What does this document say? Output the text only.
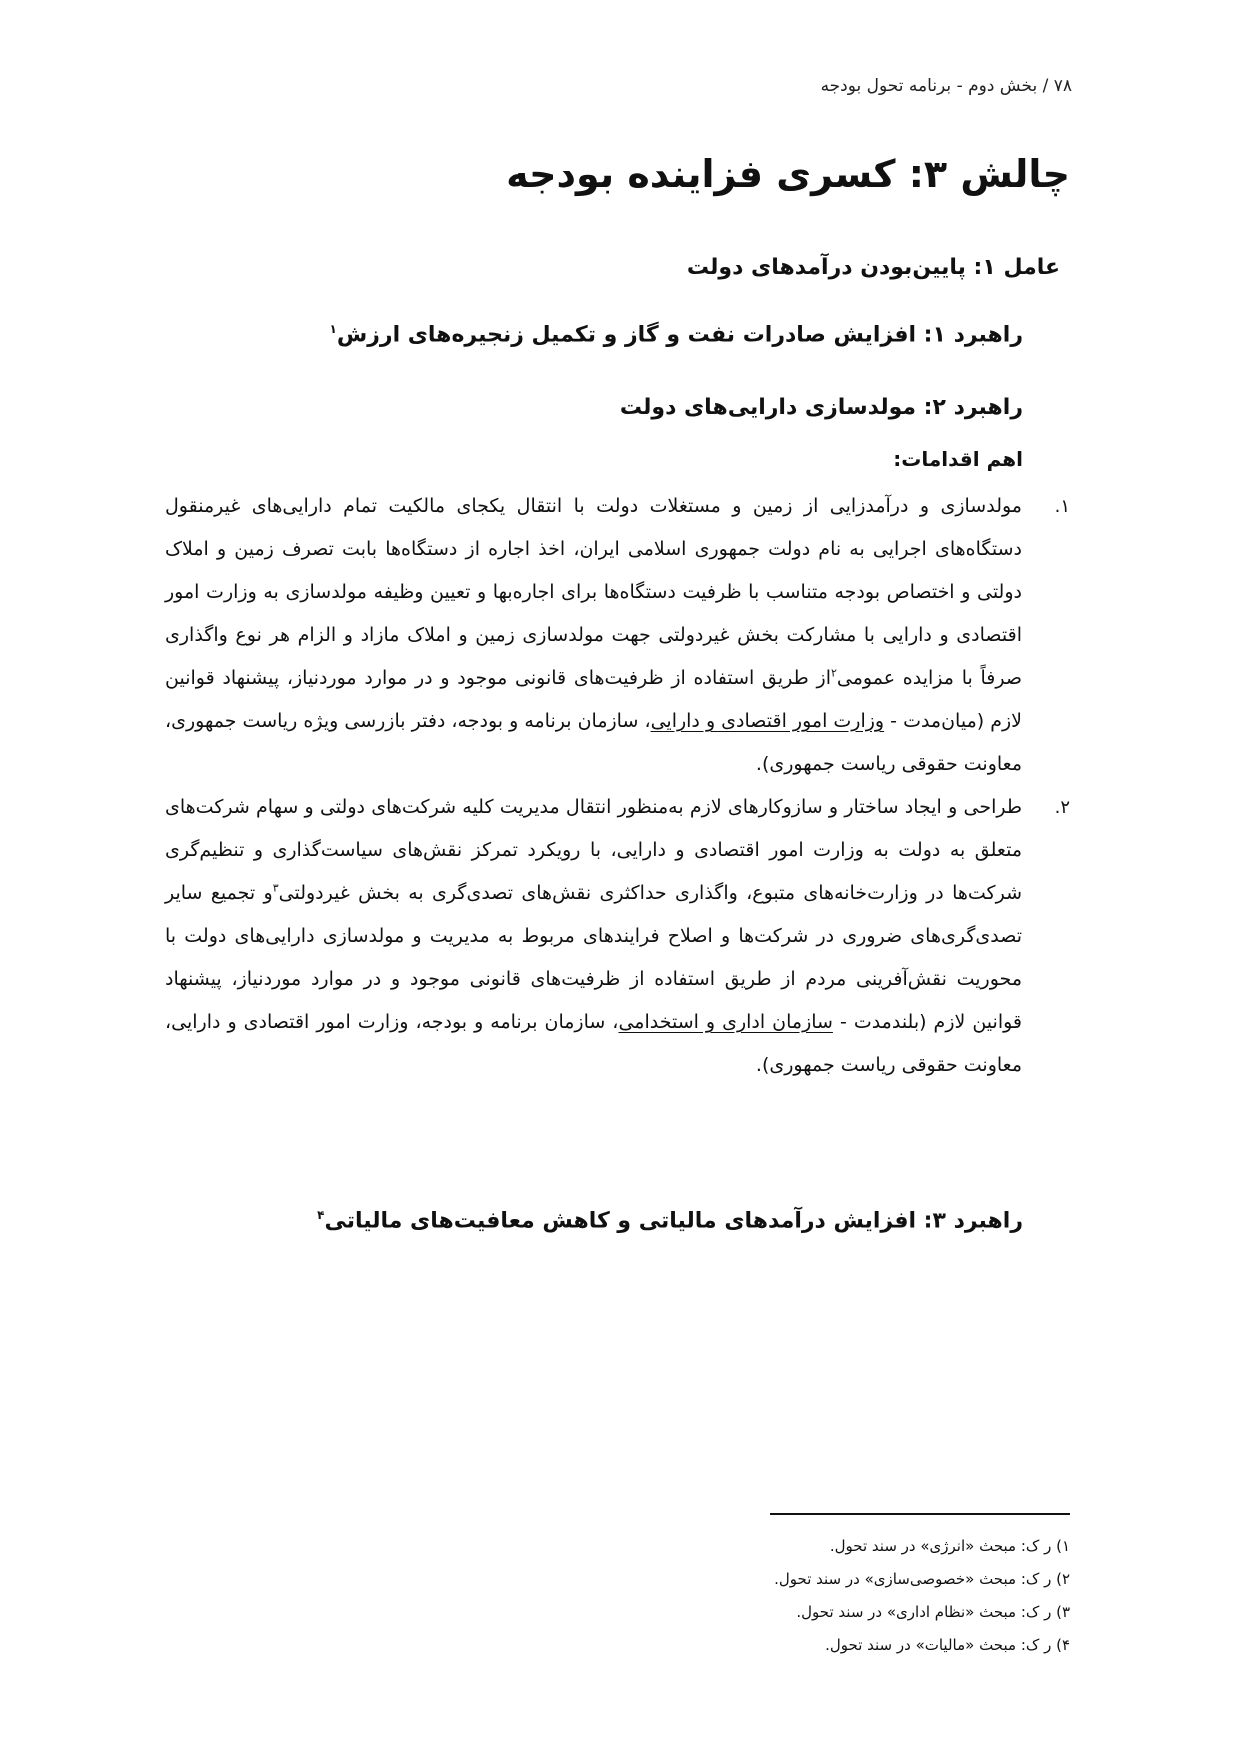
۷۸ / بخش دوم - برنامه تحول بودجه
چالش ۳: کسری فزاینده بودجه
عامل ۱: پایین‌بودن درآمدهای دولت
راهبرد ۱: افزایش صادرات نفت و گاز و تکمیل زنجیره‌های ارزش$^۱$
راهبرد ۲: مولدسازی دارایی‌های دولت
اهم اقدامات:
۱.
مولدسازی و درآمدزایی از زمین و مستغلات دولت با انتقال یکجای مالکیت تمام دارایی‌های غیرمنقول دستگاه‌های اجرایی به نام دولت جمهوری اسلامی ایران، اخذ اجاره از دستگاه‌ها بابت تصرف زمین و املاک دولتی و اختصاص بودجه متناسب با ظرفیت دستگاه‌ها برای اجاره‌بها و تعیین وظیفه مولدسازی به وزارت امور اقتصادی و دارایی با مشارکت بخش غیردولتی جهت مولدسازی زمین و املاک مازاد و الزام هر نوع واگذاری صرفاً با مزایده عمومی$^۲$از طریق استفاده از ظرفیت‌های قانونی موجود و در موارد موردنیاز، پیشنهاد قوانین لازم (میان‌مدت - وزارت امور اقتصادی و دارایی، سازمان برنامه و بودجه، دفتر بازرسی ویژه ریاست جمهوری، معاونت حقوقی ریاست جمهوری).
۲.
طراحی و ایجاد ساختار و سازوکارهای لازم به‌منظور انتقال مدیریت کلیه شرکت‌های دولتی و سهام شرکت‌های متعلق به دولت به وزارت امور اقتصادی و دارایی، با رویکرد تمرکز نقش‌های سیاست‌گذاری و تنظیم‌گری شرکت‌ها در وزارت‌خانه‌های متبوع، واگذاری حداکثری نقش‌های تصدی‌گری به بخش غیردولتی$^۳$و تجمیع سایر تصدی‌گری‌های ضروری در شرکت‌ها و اصلاح فرایندهای مربوط به مدیریت و مولدسازی دارایی‌های دولت با محوریت نقش‌آفرینی مردم از طریق استفاده از ظرفیت‌های قانونی موجود و در موارد موردنیاز، پیشنهاد قوانین لازم (بلندمدت - سازمان اداری و استخدامی، سازمان برنامه و بودجه، وزارت امور اقتصادی و دارایی، معاونت حقوقی ریاست جمهوری).
راهبرد ۳: افزایش درآمدهای مالیاتی و کاهش معافیت‌های مالیاتی$^۴$
۱) ر ک: مبحث «انرژی» در سند تحول.
۲) ر ک: مبحث «خصوصی‌سازی» در سند تحول.
۳) ر ک: مبحث «نظام اداری» در سند تحول.
۴) ر ک: مبحث «مالیات» در سند تحول.
